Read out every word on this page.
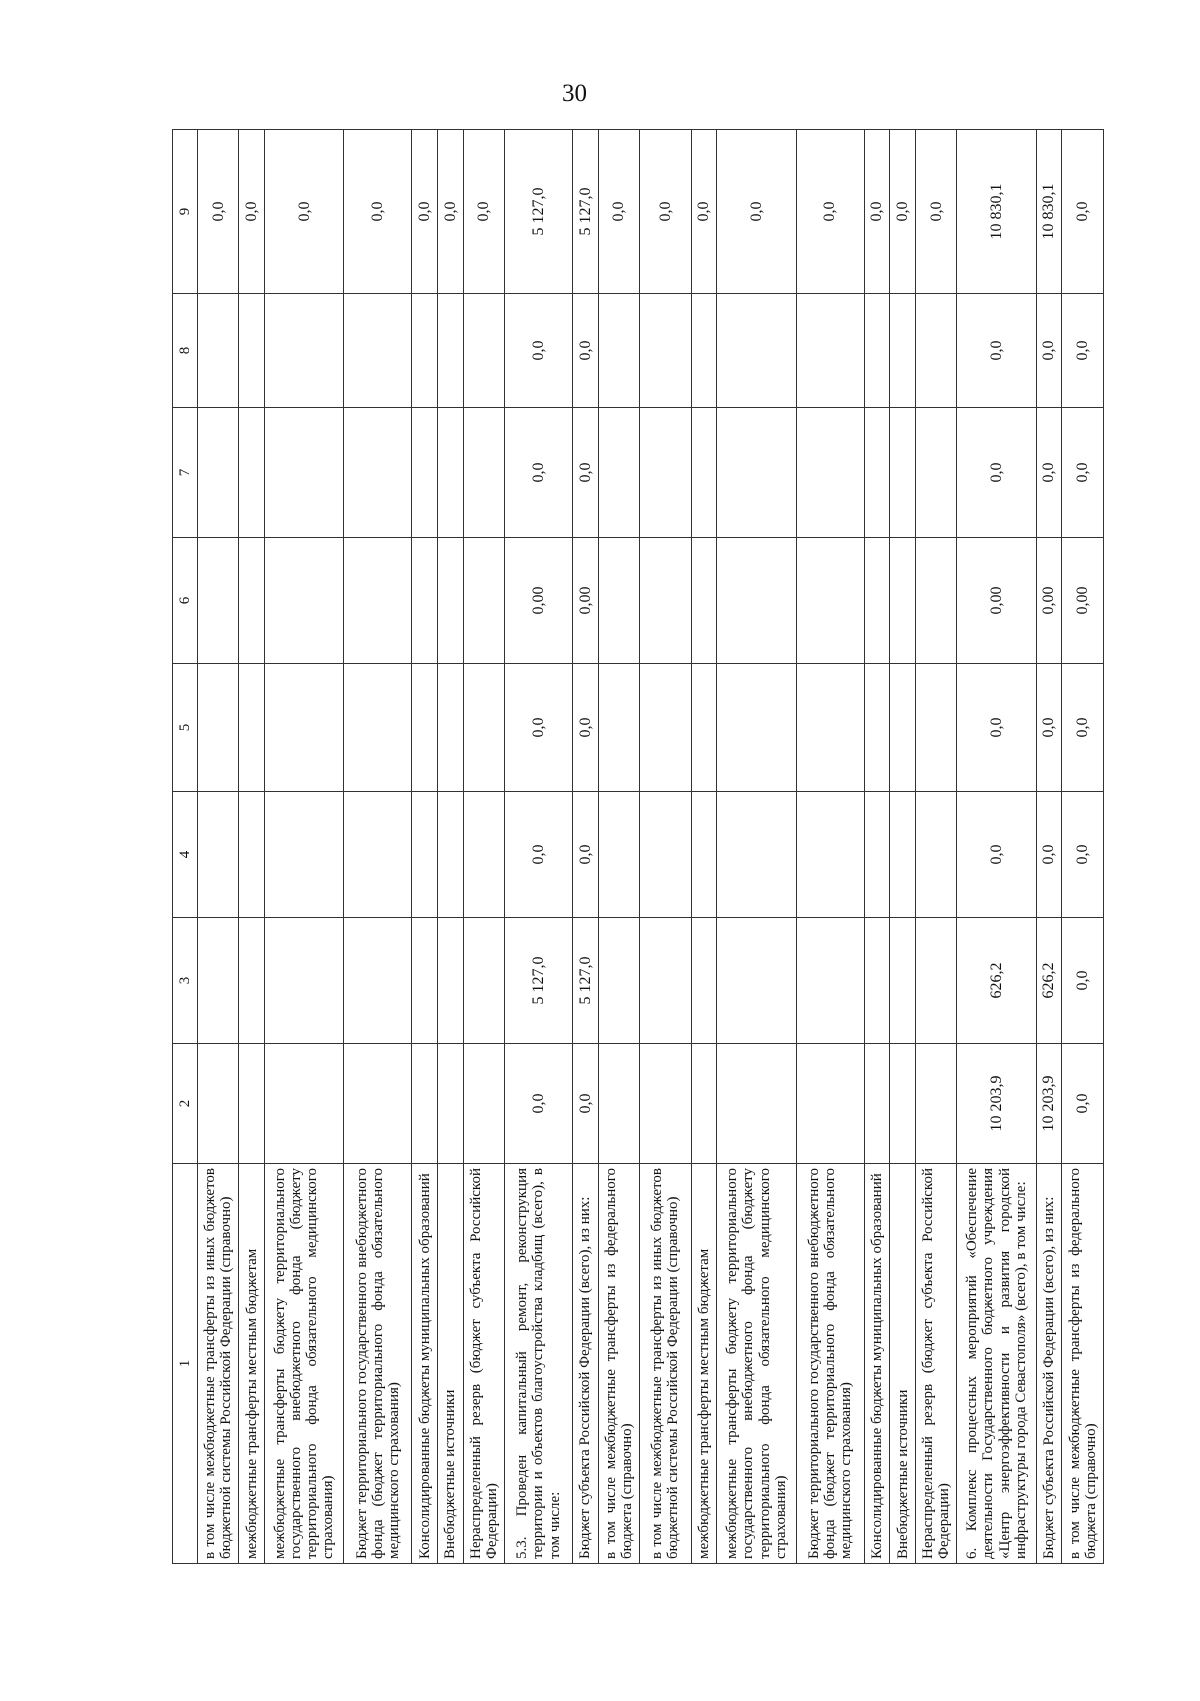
30
1	2	3	4	5	6	7	8	9
в том числе межбюджетные трансферты из иных бюджетов бюджетной системы Российской Федерации (справочно)								0,0
межбюджетные трансферты местным бюджетам								0,0
межбюджетные трансферты бюджету территориального государственного внебюджетного фонда (бюджету территориального фонда обязательного медицинского страхования)								0,0
Бюджет территориального государственного внебюджетного фонда (бюджет территориального фонда обязательного медицинского страхования)								0,0
Консолидированные бюджеты муниципальных образований								0,0
Внебюджетные источники								0,0
Нераспределенный резерв (бюджет субъекта Российской Федерации)								0,0
5.3. Проведен капитальный ремонт, реконструкция территории и объектов благоустройства кладбищ (всего), в том числе:	0,0	5 127,0	0,0	0,0	0,00	0,0	0,0	5 127,0
Бюджет субъекта Российской Федерации (всего), из них:	0,0	5 127,0	0,0	0,0	0,00	0,0	0,0	5 127,0
в том числе межбюджетные трансферты из федерального бюджета (справочно)								0,0
в том числе межбюджетные трансферты из иных бюджетов бюджетной системы Российской Федерации (справочно)								0,0
межбюджетные трансферты местным бюджетам								0,0
межбюджетные трансферты бюджету территориального государственного внебюджетного фонда (бюджету территориального фонда обязательного медицинского страхования)								0,0
Бюджет территориального государственного внебюджетного фонда (бюджет территориального фонда обязательного медицинского страхования)								0,0
Консолидированные бюджеты муниципальных образований								0,0
Внебюджетные источники								0,0
Нераспределенный резерв (бюджет субъекта Российской Федерации)								0,0
6. Комплекс процессных мероприятий «Обеспечение деятельности Государственного бюджетного учреждения «Центр энергоэффективности и развития городской инфраструктуры города Севастополя» (всего), в том числе:	10 203,9	626,2	0,0	0,0	0,00	0,0	0,0	10 830,1
Бюджет субъекта Российской Федерации (всего), из них:	10 203,9	626,2	0,0	0,0	0,00	0,0	0,0	10 830,1
в том числе межбюджетные трансферты из федерального бюджета (справочно)	0,0	0,0	0,0	0,0	0,00	0,0	0,0	0,0
